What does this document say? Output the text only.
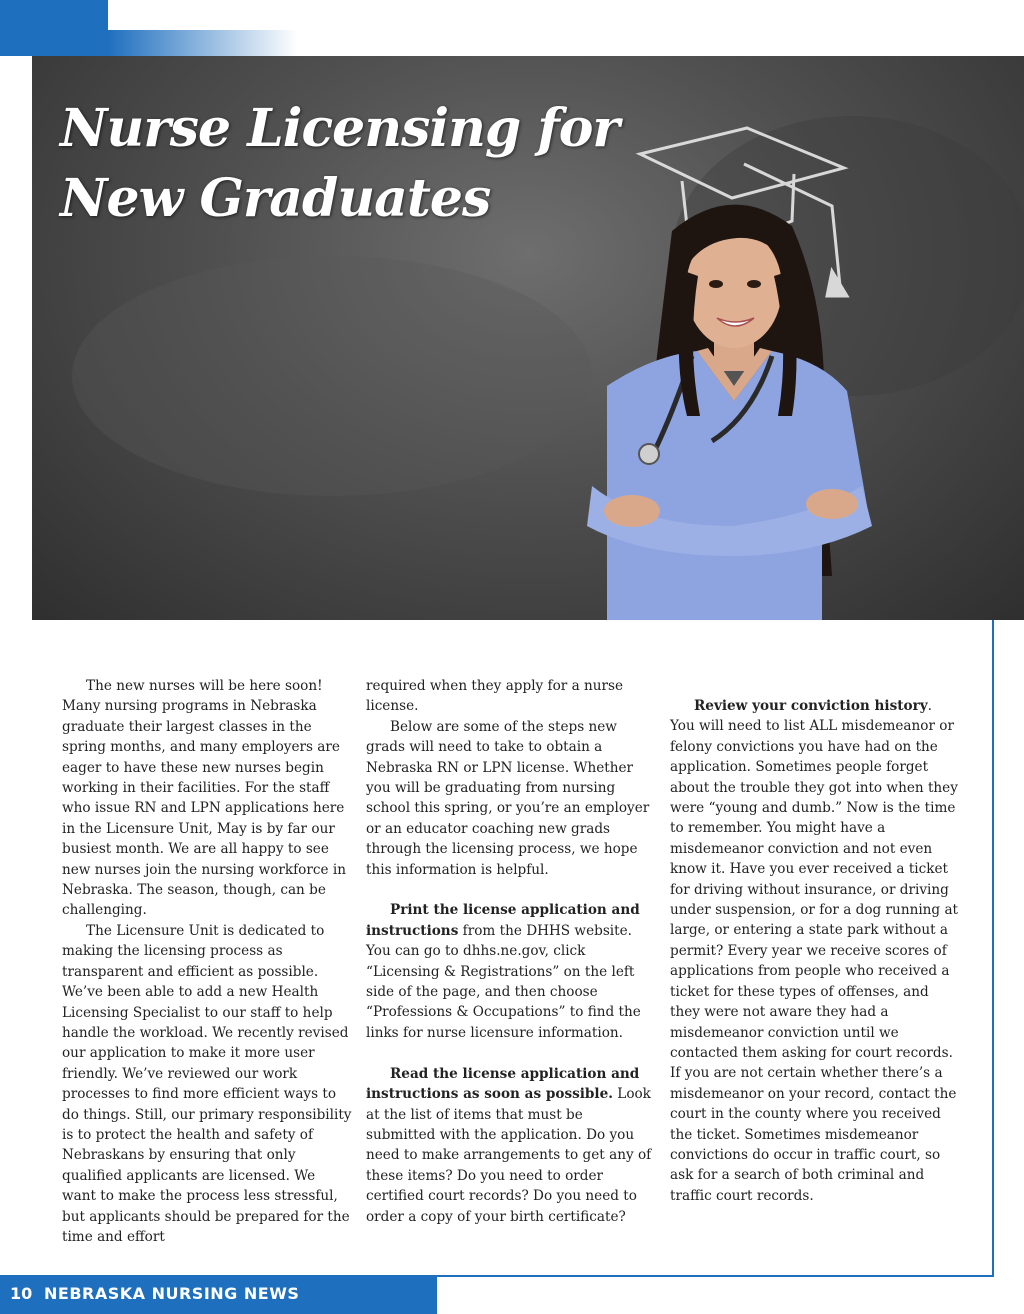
Nurse Licensing for
New Graduates

The new nurses will be here soon! Many nursing programs in Nebraska graduate their largest classes in the spring months, and many employers are eager to have these new nurses begin working in their facilities. For the staff who issue RN and LPN applications here in the Licensure Unit, May is by far our busiest month. We are all happy to see new nurses join the nursing workforce in Nebraska. The season, though, can be challenging.

The Licensure Unit is dedicated to making the licensing process as transparent and efficient as possible. We’ve been able to add a new Health Licensing Specialist to our staff to help handle the workload. We recently revised our application to make it more user friendly. We’ve reviewed our work processes to find more efficient ways to do things. Still, our primary responsibility is to protect the health and safety of Nebraskans by ensuring that only qualified applicants are licensed. We want to make the process less stressful, but applicants should be prepared for the time and effort

required when they apply for a nurse license.

Below are some of the steps new grads will need to take to obtain a Nebraska RN or LPN license. Whether you will be graduating from nursing school this spring, or you’re an employer or an educator coaching new grads through the licensing process, we hope this information is helpful.

Print the license application and instructions from the DHHS website. You can go to dhhs.ne.gov, click “Licensing & Registrations” on the left side of the page, and then choose “Professions & Occupations” to find the links for nurse licensure information.

Read the license application and instructions as soon as possible. Look at the list of items that must be submitted with the application. Do you need to make arrangements to get any of these items? Do you need to order certified court records? Do you need to order a copy of your birth certificate?

Review your conviction history.

You will need to list ALL misdemeanor or felony convictions you have had on the application. Sometimes people forget about the trouble they got into when they were “young and dumb.” Now is the time to remember. You might have a misdemeanor conviction and not even know it. Have you ever received a ticket for driving without insurance, or driving under suspension, or for a dog running at large, or entering a state park without a permit? Every year we receive scores of applications from people who received a ticket for these types of offenses, and they were not aware they had a misdemeanor conviction until we contacted them asking for court records. If you are not certain whether there’s a misdemeanor on your record, contact the court in the county where you received the ticket. Sometimes misdemeanor convictions do occur in traffic court, so ask for a search of both criminal and traffic court records.

10 NEBRASKA NURSING NEWS
